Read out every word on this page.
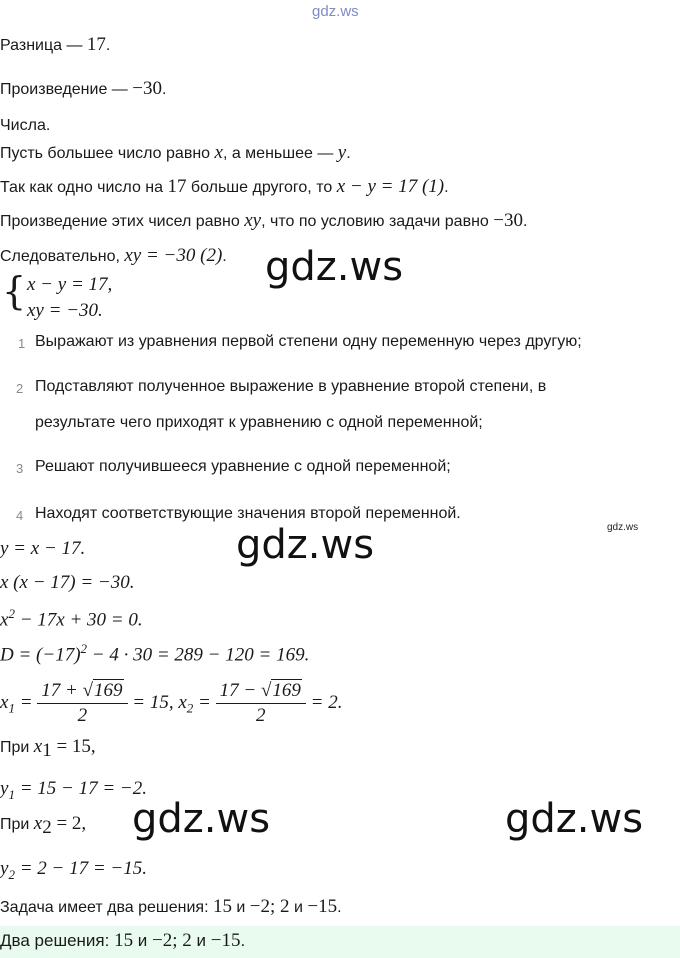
gdz.ws
Разница — 17.
Произведение — −30.
Числа.
Пусть большее число равно x, а меньшее — y.
Так как одно число на 17 больше другого, то x − y = 17 (1).
Произведение этих чисел равно xy, что по условию задачи равно −30.
Следовательно, xy = −30 (2). gdz.ws
{ x − y = 17,
xy = −30.
1 Выражают из уравнения первой степени одну переменную через другую;
2 Подставляют полученное выражение в уравнение второй степени, в
результате чего приходят к уравнению с одной переменной;
3 Решают получившееся уравнение с одной переменной;
4 Находят соответствующие значения второй переменной.
gdz.ws
y = x − 17.	gdz.ws
x (x − 17) = −30.
$x^2 - 17x + 30 = 0$.
$D = (-17)^2 - 4 \cdot 30 = 289 - 120 = 169$.
$x_1 = \frac{17 + √169}{2} = 15$, $x_2 = \frac{17 - √169}{2} = 2$.
При $x_1 = 15$,
$y_1 = 15 - 17 = -2$.
При $x_2 = 2$, gdz.ws	gdz.ws
$y_2 = 2 - 17 = -15$.
Задача имеет два решения: 15 и −2; 2 и −15.
Два решения: 15 и −2; 2 и −15.
